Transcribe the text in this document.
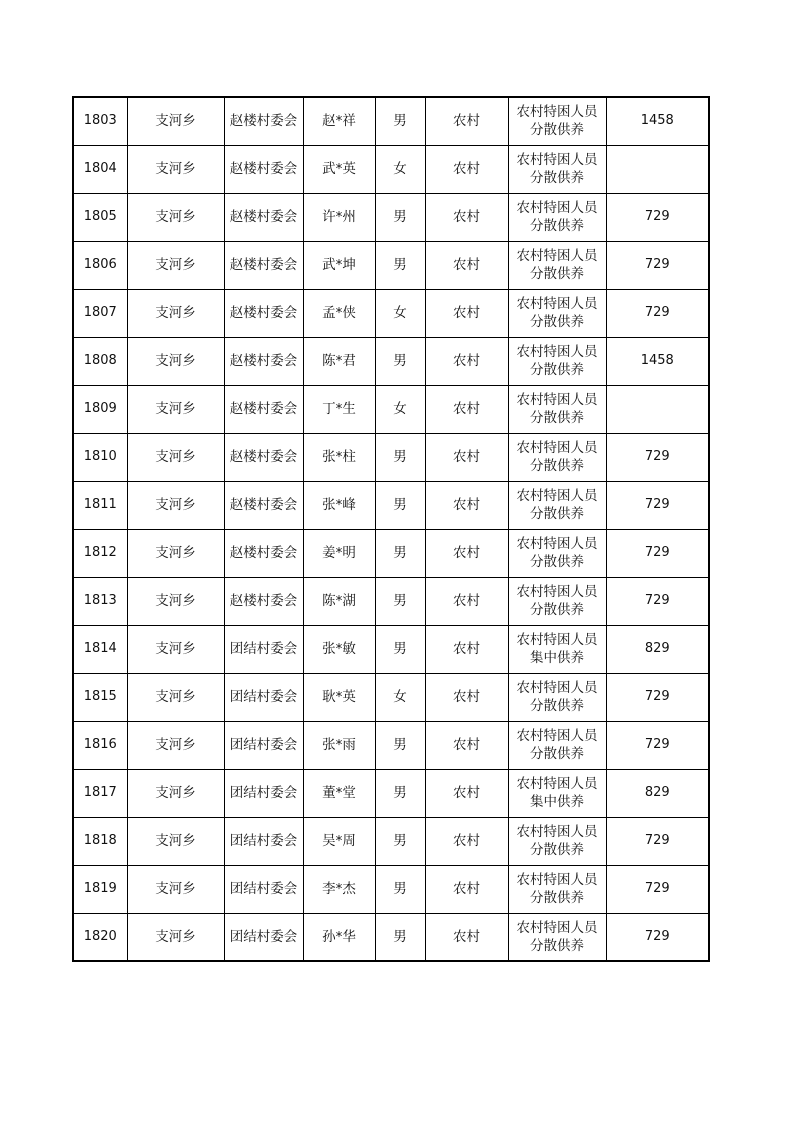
1803	支河乡	赵楼村委会	赵*祥	男	农村	农村特困人员分散供养	1458
1804	支河乡	赵楼村委会	武*英	女	农村	农村特困人员分散供养	
1805	支河乡	赵楼村委会	许*州	男	农村	农村特困人员分散供养	729
1806	支河乡	赵楼村委会	武*坤	男	农村	农村特困人员分散供养	729
1807	支河乡	赵楼村委会	孟*侠	女	农村	农村特困人员分散供养	729
1808	支河乡	赵楼村委会	陈*君	男	农村	农村特困人员分散供养	1458
1809	支河乡	赵楼村委会	丁*生	女	农村	农村特困人员分散供养	
1810	支河乡	赵楼村委会	张*柱	男	农村	农村特困人员分散供养	729
1811	支河乡	赵楼村委会	张*峰	男	农村	农村特困人员分散供养	729
1812	支河乡	赵楼村委会	姜*明	男	农村	农村特困人员分散供养	729
1813	支河乡	赵楼村委会	陈*湖	男	农村	农村特困人员分散供养	729
1814	支河乡	团结村委会	张*敏	男	农村	农村特困人员集中供养	829
1815	支河乡	团结村委会	耿*英	女	农村	农村特困人员分散供养	729
1816	支河乡	团结村委会	张*雨	男	农村	农村特困人员分散供养	729
1817	支河乡	团结村委会	董*堂	男	农村	农村特困人员集中供养	829
1818	支河乡	团结村委会	吴*周	男	农村	农村特困人员分散供养	729
1819	支河乡	团结村委会	李*杰	男	农村	农村特困人员分散供养	729
1820	支河乡	团结村委会	孙*华	男	农村	农村特困人员分散供养	729
